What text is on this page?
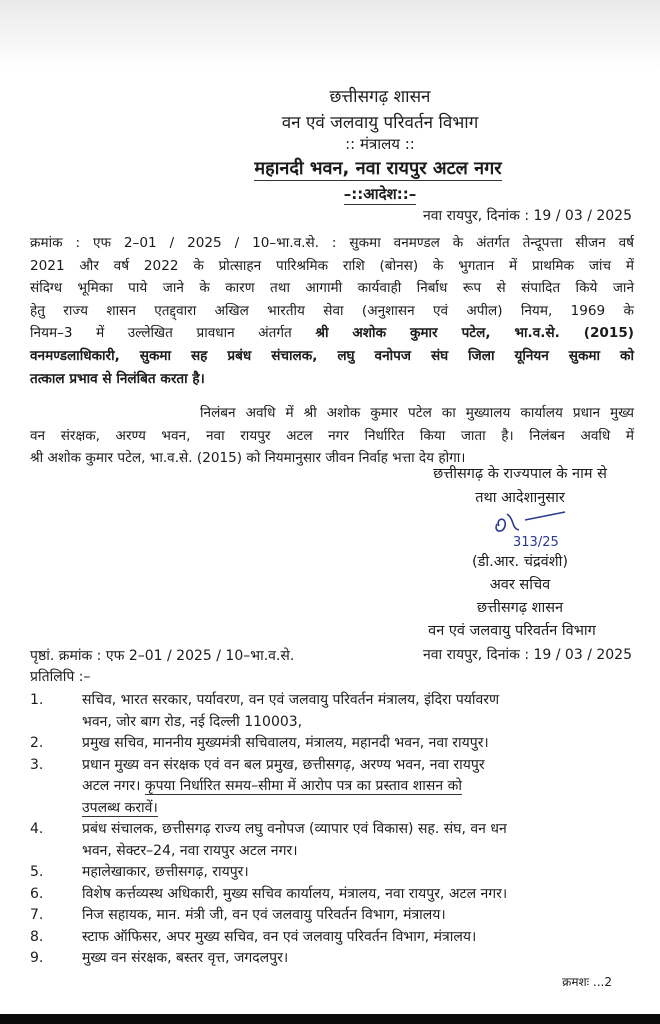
छत्तीसगढ़ शासन
वन एवं जलवायु परिवर्तन विभाग
:: मंत्रालय ::
महानदी भवन, नवा रायपुर अटल नगर
–::आदेश::–
नवा रायपुर, दिनांक : 19 / 03 / 2025
क्रमांक : एफ 2–01 / 2025 / 10–भा.व.से. : सुकमा वनमण्डल के अंतर्गत तेन्दूपत्ता सीजन वर्ष
2021 और वर्ष 2022 के प्रोत्साहन पारिश्रमिक राशि (बोनस) के भुगतान में प्राथमिक जांच में
संदिग्ध भूमिका पाये जाने के कारण तथा आगामी कार्यवाही निर्बाध रूप से संपादित किये जाने
हेतु राज्य शासन एतद्द्वारा अखिल भारतीय सेवा (अनुशासन एवं अपील) नियम, 1969 के
नियम–3 में उल्लेखित प्रावधान अंतर्गत श्री अशोक कुमार पटेल, भा.व.से. (2015)
वनमण्डलाधिकारी, सुकमा सह प्रबंध संचालक, लघु वनोपज संघ जिला यूनियन सुकमा को
तत्काल प्रभाव से निलंबित करता है।
निलंबन अवधि में श्री अशोक कुमार पटेल का मुख्यालय कार्यालय प्रधान मुख्य
वन संरक्षक, अरण्य भवन, नवा रायपुर अटल नगर निर्धारित किया जाता है। निलंबन अवधि में
श्री अशोक कुमार पटेल, भा.व.से. (2015) को नियमानुसार जीवन निर्वाह भत्ता देय होगा।
छत्तीसगढ़ के राज्यपाल के नाम से
तथा आदेशानुसार
313/25
(डी.आर. चंद्रवंशी)
अवर सचिव
छत्तीसगढ़ शासन
वन एवं जलवायु परिवर्तन विभाग
पृष्ठां. क्रमांक : एफ 2–01 / 2025 / 10–भा.व.से.	नवा रायपुर, दिनांक : 19 / 03 / 2025
प्रतिलिपि :–
1.	सचिव, भारत सरकार, पर्यावरण, वन एवं जलवायु परिवर्तन मंत्रालय, इंदिरा पर्यावरण
भवन, जोर बाग रोड, नई दिल्ली 110003,
2.	प्रमुख सचिव, माननीय मुख्यमंत्री सचिवालय, मंत्रालय, महानदी भवन, नवा रायपुर।
3.	प्रधान मुख्य वन संरक्षक एवं वन बल प्रमुख, छत्तीसगढ़, अरण्य भवन, नवा रायपुर
अटल नगर। कृपया निर्धारित समय–सीमा में आरोप पत्र का प्रस्ताव शासन को
उपलब्ध करावें।
4.	प्रबंध संचालक, छत्तीसगढ़ राज्य लघु वनोपज (व्यापार एवं विकास) सह. संघ, वन धन
भवन, सेक्टर–24, नवा रायपुर अटल नगर।
5.	महालेखाकार, छत्तीसगढ़, रायपुर।
6.	विशेष कर्त्तव्यस्थ अधिकारी, मुख्य सचिव कार्यालय, मंत्रालय, नवा रायपुर, अटल नगर।
7.	निज सहायक, मान. मंत्री जी, वन एवं जलवायु परिवर्तन विभाग, मंत्रालय।
8.	स्टाफ ऑफिसर, अपर मुख्य सचिव, वन एवं जलवायु परिवर्तन विभाग, मंत्रालय।
9.	मुख्य वन संरक्षक, बस्तर वृत्त, जगदलपुर।
क्रमशः ...2
